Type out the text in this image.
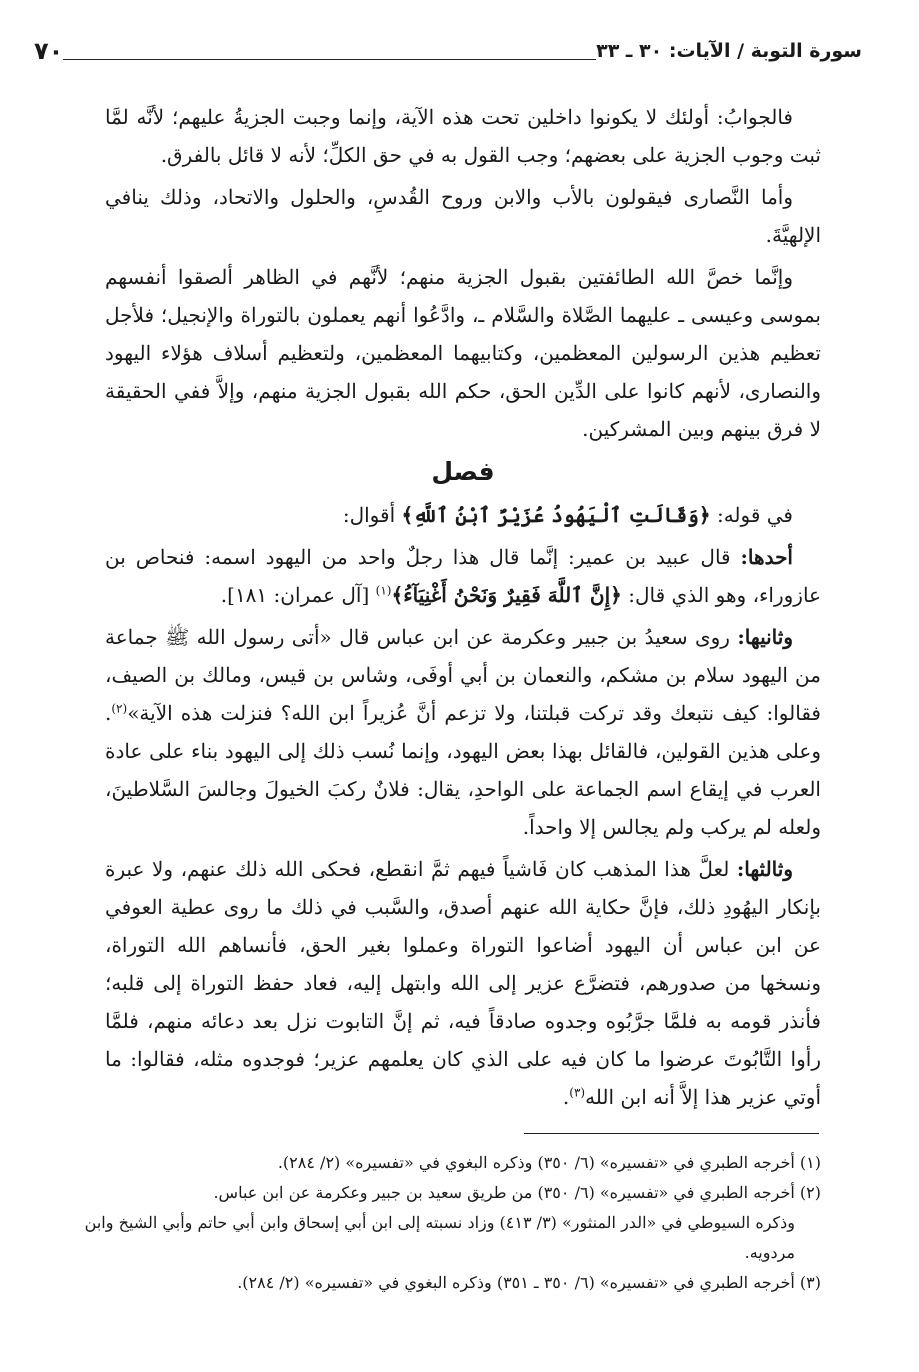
سورة التوبة / الآيات: ٣٠ ـ ٣٣
٧٠

فالجوابُ: أولئك لا يكونوا داخلين تحت هذه الآية، وإنما وجبت الجزيةُ عليهم؛ لأنَّه لمَّا ثبت وجوب الجزية على بعضهم؛ وجب القول به في حق الكلِّ؛ لأنه لا قائل بالفرق.

وأما النَّصارى فيقولون بالأب والابن وروح القُدسِ، والحلول والاتحاد، وذلك ينافي الإلهيَّةَ.

وإنَّما خصَّ الله الطائفتين بقبول الجزية منهم؛ لأنَّهم في الظاهر ألصقوا أنفسهم بموسى وعيسى ـ عليهما الصَّلاة والسَّلام ـ، وادَّعُوا أنهم يعملون بالتوراة والإنجيل؛ فلأجل تعظيم هذين الرسولين المعظمين، وكتابيهما المعظمين، ولتعظيم أسلاف هؤلاء اليهود والنصارى، لأنهم كانوا على الدِّين الحق، حكم الله بقبول الجزية منهم، وإلاَّ ففي الحقيقة لا فرق بينهم وبين المشركين.

فصل

في قوله: ﴿وَقَالَتِ ٱلْيَهُودُ عُزَيْرٌ ٱبْنُ ٱللَّهِ﴾ أقوال:

أحدها: قال عبيد بن عمير: إنَّما قال هذا رجلٌ واحد من اليهود اسمه: فنحاص بن عازوراء، وهو الذي قال: ﴿إِنَّ ٱللَّهَ فَقِيرٌ وَنَحْنُ أَغْنِيَآءُ﴾$^{(١)}$ [آل عمران: ١٨١].

وثانيها: روى سعيدُ بن جبير وعكرمة عن ابن عباس قال «أتى رسول الله ﷺ جماعة من اليهود سلام بن مشكم، والنعمان بن أبي أوفَى، وشاس بن قيس، ومالك بن الصيف، فقالوا: كيف نتبعك وقد تركت قبلتنا، ولا تزعم أنَّ عُزيراً ابن الله؟ فنزلت هذه الآية»$^{(٢)}$. وعلى هذين القولين، فالقائل بهذا بعض اليهود، وإنما نُسب ذلك إلى اليهود بناء على عادة العرب في إيقاع اسم الجماعة على الواحدِ، يقال: فلانٌ ركبَ الخيولَ وجالسَ السَّلاطينَ، ولعله لم يركب ولم يجالس إلا واحداً.

وثالثها: لعلَّ هذا المذهب كان فَاشياً فيهم ثمَّ انقطع، فحكى الله ذلك عنهم، ولا عبرة بإنكار اليهُودِ ذلك، فإنَّ حكاية الله عنهم أصدق، والسَّبب في ذلك ما روى عطية العوفي عن ابن عباس أن اليهود أضاعوا التوراة وعملوا بغير الحق، فأنساهم الله التوراة، ونسخها من صدورهم، فتضرَّع عزير إلى الله وابتهل إليه، فعاد حفظ التوراة إلى قلبه؛ فأنذر قومه به فلمَّا جرَّبُوه وجدوه صادقاً فيه، ثم إنَّ التابوت نزل بعد دعائه منهم، فلمَّا رأوا التَّابُوتَ عرضوا ما كان فيه على الذي كان يعلمهم عزير؛ فوجدوه مثله، فقالوا: ما أوتي عزير هذا إلاَّ أنه ابن الله$^{(٣)}$.

(١) أخرجه الطبري في «تفسيره» (٦/ ٣٥٠) وذكره البغوي في «تفسيره» (٢/ ٢٨٤).
(٢) أخرجه الطبري في «تفسيره» (٦/ ٣٥٠) من طريق سعيد بن جبير وعكرمة عن ابن عباس.
وذكره السيوطي في «الدر المنثور» (٣/ ٤١٣) وزاد نسبته إلى ابن أبي إسحاق وابن أبي حاتم وأبي الشيخ وابن مردويه.
(٣) أخرجه الطبري في «تفسيره» (٦/ ٣٥٠ ـ ٣٥١) وذكره البغوي في «تفسيره» (٢/ ٢٨٤).
